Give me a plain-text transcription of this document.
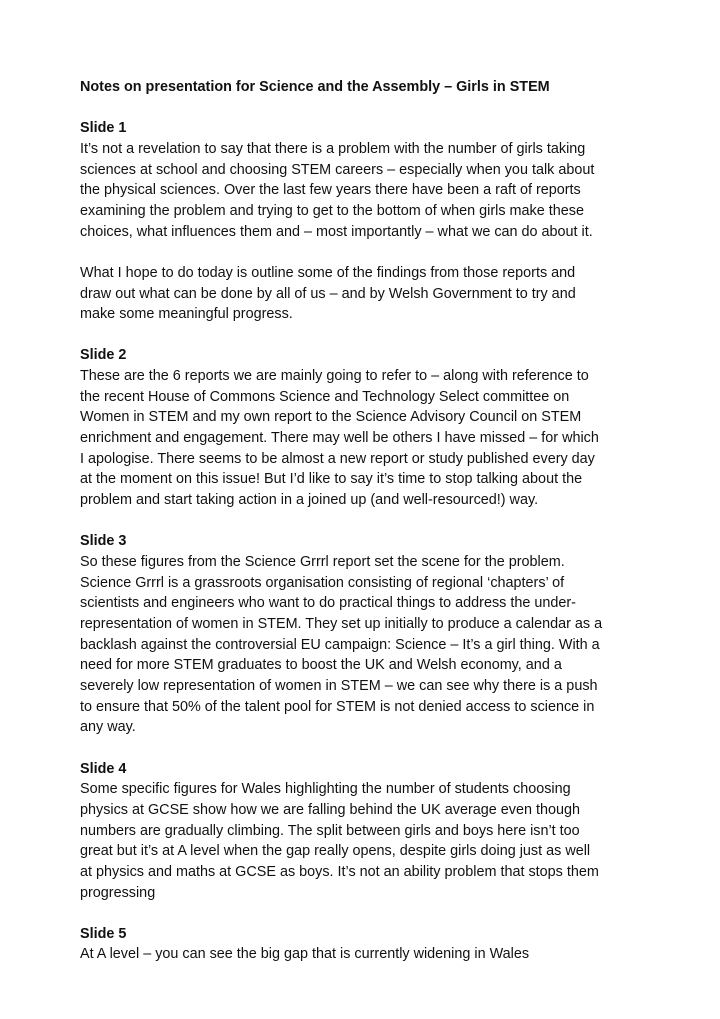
Notes on presentation for Science and the Assembly – Girls in STEM
Slide 1

It’s not a revelation to say that there is a problem with the number of girls taking
sciences at school and choosing STEM careers – especially when you talk about
the physical sciences. Over the last few years there have been a raft of reports
examining the problem and trying to get to the bottom of when girls make these
choices, what influences them and – most importantly – what we can do about it.

What I hope to do today is outline some of the findings from those reports and
draw out what can be done by all of us – and by Welsh Government to try and
make some meaningful progress.

Slide 2

These are the 6 reports we are mainly going to refer to – along with reference to
the recent House of Commons Science and Technology Select committee on
Women in STEM and my own report to the Science Advisory Council on STEM
enrichment and engagement. There may well be others I have missed – for which
I apologise. There seems to be almost a new report or study published every day
at the moment on this issue! But I’d like to say it’s time to stop talking about the
problem and start taking action in a joined up (and well-resourced!) way.

Slide 3

So these figures from the Science Grrrl report set the scene for the problem.
Science Grrrl is a grassroots organisation consisting of regional ‘chapters’ of
scientists and engineers who want to do practical things to address the under-
representation of women in STEM. They set up initially to produce a calendar as a
backlash against the controversial EU campaign: Science – It’s a girl thing. With a
need for more STEM graduates to boost the UK and Welsh economy, and a
severely low representation of women in STEM – we can see why there is a push
to ensure that 50% of the talent pool for STEM is not denied access to science in
any way.

Slide 4

Some specific figures for Wales highlighting the number of students choosing
physics at GCSE show how we are falling behind the UK average even though
numbers are gradually climbing. The split between girls and boys here isn’t too
great but it’s at A level when the gap really opens, despite girls doing just as well
at physics and maths at GCSE as boys. It’s not an ability problem that stops them
progressing

Slide 5

At A level – you can see the big gap that is currently widening in Wales
